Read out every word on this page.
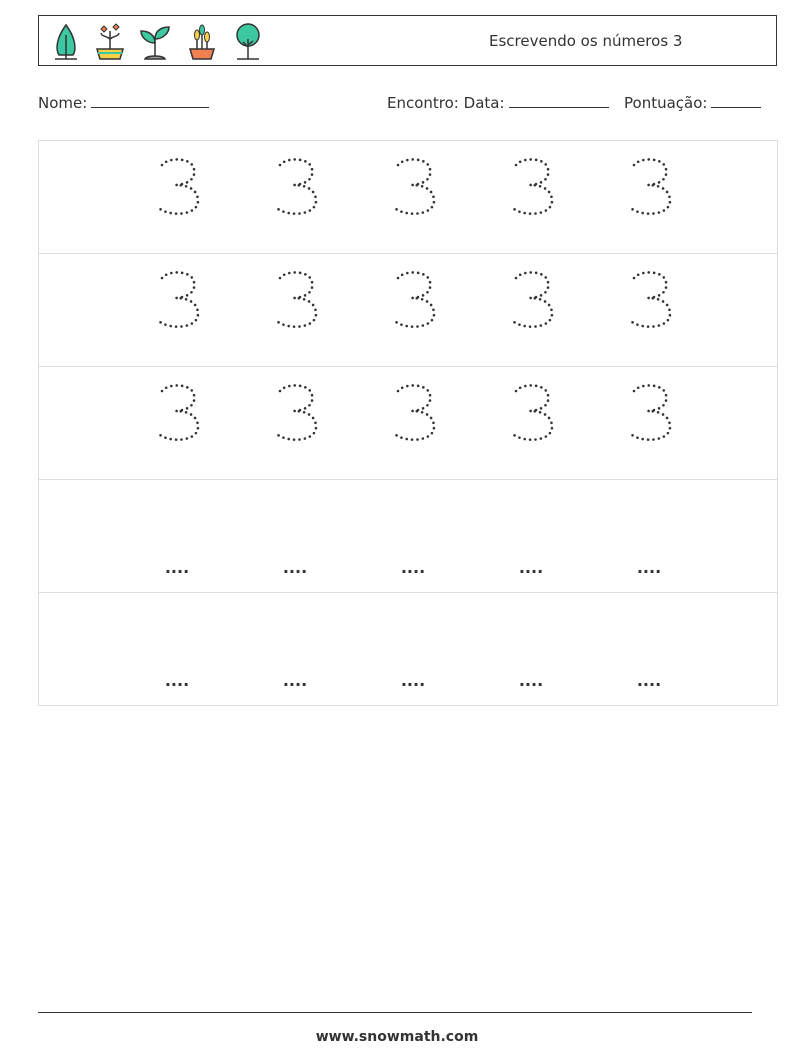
Escrevendo os números 3
Nome:	Encontro: Data:	Pontuação:
....	....	....	....	....
....	....	....	....	....
www.snowmath.com
